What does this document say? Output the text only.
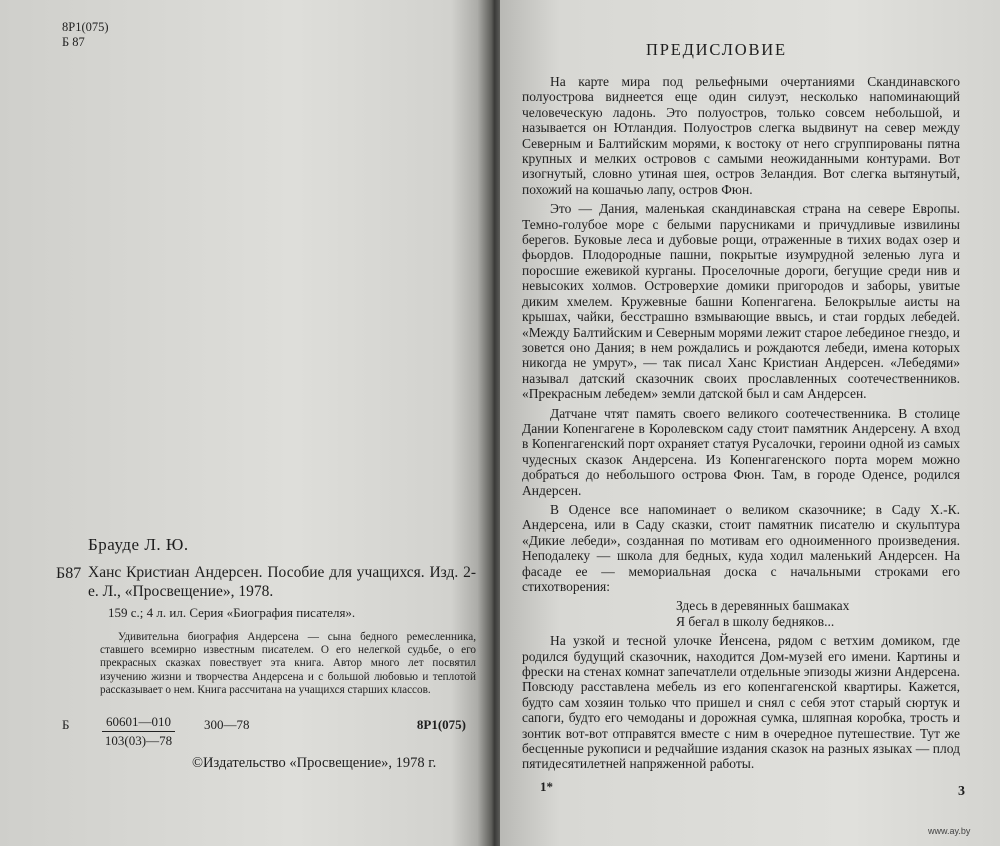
8Р1(075)
Б 87
Брауде Л. Ю.
Б87 Ханс Кристиан Андерсен. Пособие для учащихся. Изд. 2-е. Л., «Просвещение», 1978.
159 с.; 4 л. ил. Серия «Биография писателя».
Удивительна биография Андерсена — сына бедного ремесленника, ставшего всемирно известным писателем. О его нелегкой судьбе, о его прекрасных сказках повествует эта книга. Автор много лет посвятил изучению жизни и творчества Андерсена и с большой любовью и теплотой рассказывает о нем. Книга рассчитана на учащихся старших классов.
Б	$\frac{60601—010}{103(03)—78}$ 300—78	8Р1(075)
©Издательство «Просвещение», 1978 г.
ПРЕДИСЛОВИЕ

На карте мира под рельефными очертаниями Скандинавского полуострова виднеется еще один силуэт, несколько напоминающий человеческую ладонь. Это полуостров, только совсем небольшой, и называется он Ютландия. Полуостров слегка выдвинут на север между Северным и Балтийским морями, к востоку от него сгруппированы пятна крупных и мелких островов с самыми неожиданными контурами. Вот изогнутый, словно утиная шея, остров Зеландия. Вот слегка вытянутый, похожий на кошачью лапу, остров Фюн.

Это — Дания, маленькая скандинавская страна на севере Европы. Темно-голубое море с белыми парусниками и причудливые извилины берегов. Буковые леса и дубовые рощи, отраженные в тихих водах озер и фьордов. Плодородные пашни, покрытые изумрудной зеленью луга и поросшие ежевикой курганы. Проселочные дороги, бегущие среди нив и невысоких холмов. Островерхие домики пригородов и заборы, увитые диким хмелем. Кружевные башни Копенгагена. Белокрылые аисты на крышах, чайки, бесстрашно взмывающие ввысь, и стаи гордых лебедей. «Между Балтийским и Северным морями лежит старое лебединое гнездо, и зовется оно Дания; в нем рождались и рождаются лебеди, имена которых никогда не умрут», — так писал Ханс Кристиан Андерсен. «Лебедями» называл датский сказочник своих прославленных соотечественников. «Прекрасным лебедем» земли датской был и сам Андерсен.

Датчане чтят память своего великого соотечественника. В столице Дании Копенгагене в Королевском саду стоит памятник Андерсену. А вход в Копенгагенский порт охраняет статуя Русалочки, героини одной из самых чудесных сказок Андерсена. Из Копенгагенского порта морем можно добраться до небольшого острова Фюн. Там, в городе Оденсе, родился Андерсен.

В Оденсе все напоминает о великом сказочнике; в Саду Х.-К. Андерсена, или в Саду сказки, стоит памятник писателю и скульптура «Дикие лебеди», созданная по мотивам его одноименного произведения. Неподалеку — школа для бедных, куда ходил маленький Андерсен. На фасаде ее — мемориальная доска с начальными строками его стихотворения:

Здесь в деревянных башмаках
Я бегал в школу бедняков...

На узкой и тесной улочке Йенсена, рядом с ветхим домиком, где родился будущий сказочник, находится Дом-музей его имени. Картины и фрески на стенах комнат запечатлели отдельные эпизоды жизни Андерсена. Повсюду расставлена мебель из его копенгагенской квартиры. Кажется, будто сам хозяин только что пришел и снял с себя этот старый сюртук и сапоги, будто его чемоданы и дорожная сумка, шляпная коробка, трость и зонтик вот-вот отправятся вместе с ним в очередное путешествие. Тут же бесценные рукописи и редчайшие издания сказок на разных языках — плод пятидесятилетней напряженной работы.

1*	3
www.ay.by
